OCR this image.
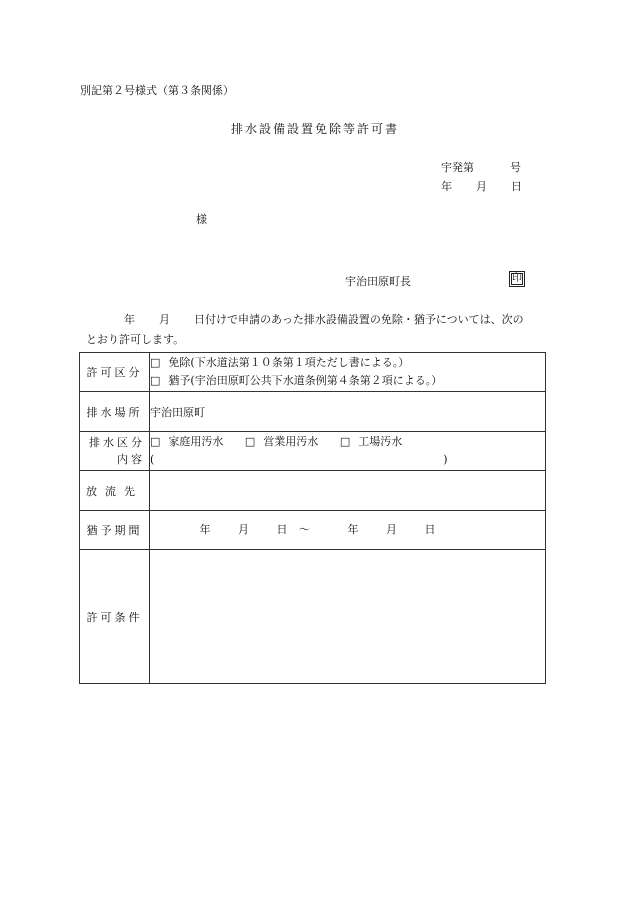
別記第２号様式（第３条関係）
排水設備設置免除等許可書
宇発第	号
年 月 日
様
宇治田原町長	印
年 月 日付けで申請のあった排水設備設置の免除・猶予については、次の
とおり許可します。
許可区分	□ 免除(下水道法第１０条第１項ただし書による。）
□ 猶予(宇治田原町公共下水道条例第４条第２項による。）

排水場所	宇治田原町

排水区分
内容	□ 家庭用汚水 □ 営業用汚水 □ 工場汚水
( )

放流先	
猶予期間	年 月 日 〜 年 月 日

許可条件	
